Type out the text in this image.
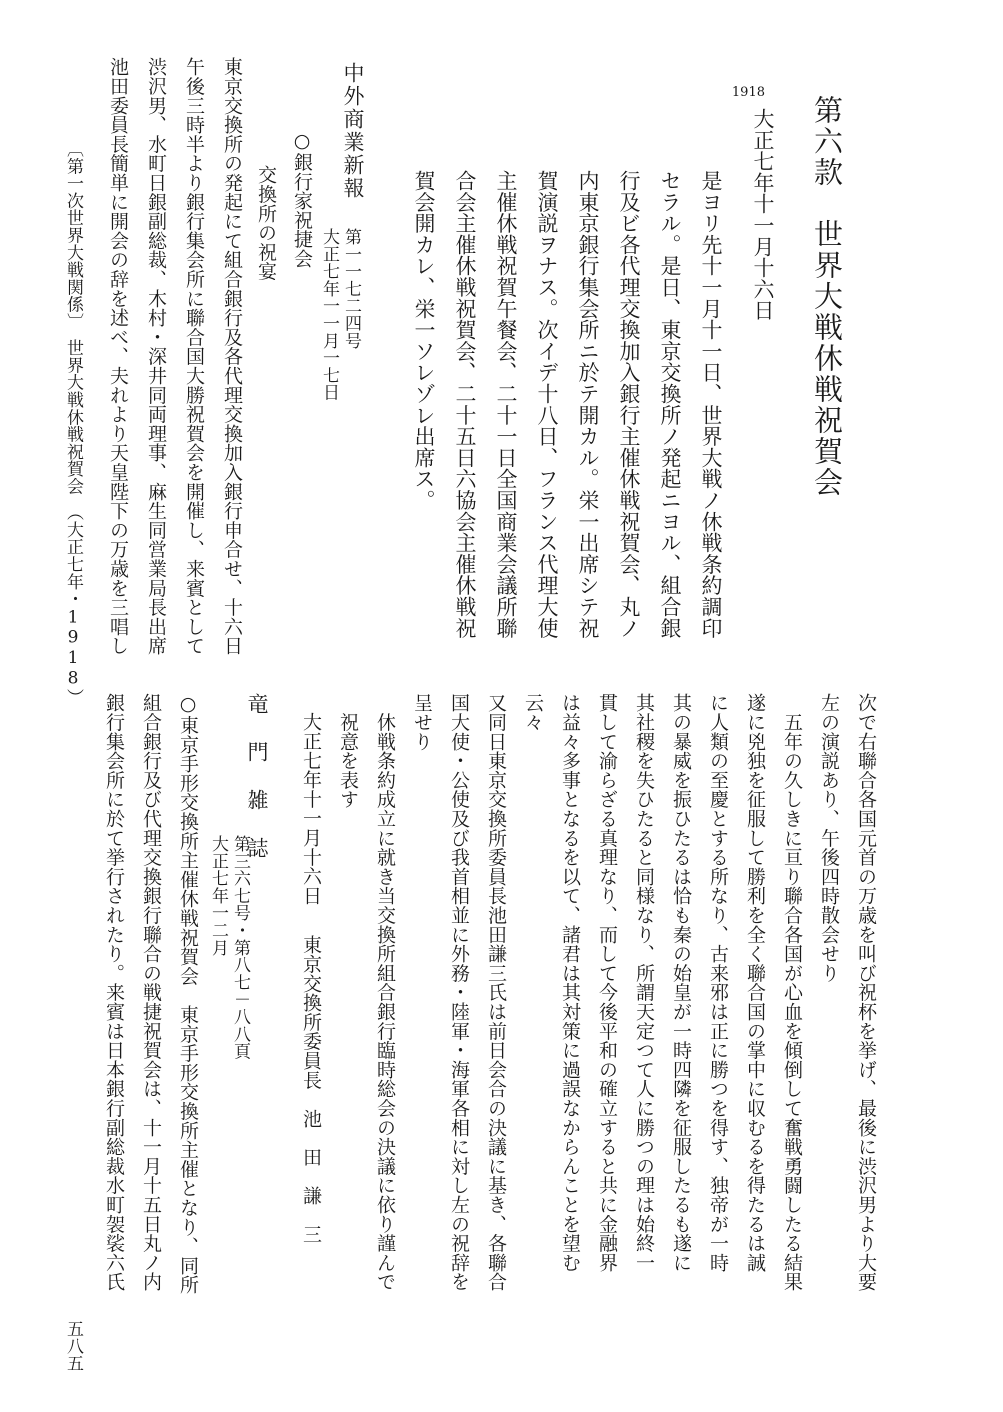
第六款　世界大戦休戦祝賀会
1918
大正七年十一月十六日
是ヨリ先十一月十一日、世界大戦ノ休戦条約調印
セラル。是日、東京交換所ノ発起ニヨル、組合銀
行及ビ各代理交換加入銀行主催休戦祝賀会、丸ノ
内東京銀行集会所ニ於テ開カル。栄一出席シテ祝
賀演説ヲナス。次イデ十八日、フランス代理大使
主催休戦祝賀午餐会、二十一日全国商業会議所聯
合会主催休戦祝賀会、二十五日六協会主催休戦祝
賀会開カレ、栄一ソレゾレ出席ス。
中外商業新報
第一一七二四号
大正七年一一月一七日
○銀行家祝捷会
交換所の祝宴
東京交換所の発起にて組合銀行及各代理交換加入銀行申合せ、十六日
午後三時半より銀行集会所に聯合国大勝祝賀会を開催し、来賓として
渋沢男、水町日銀副総裁、木村・深井同両理事、麻生同営業局長出席
池田委員長簡単に開会の辞を述べ、夫れより天皇陛下の万歳を三唱し
〔第一次世界大戦関係〕　世界大戦休戦祝賀会　（大正七年・1918）
次で右聯合各国元首の万歳を叫び祝杯を挙げ、最後に渋沢男より大要
左の演説あり、午後四時散会せり
　五年の久しきに亘り聯合各国が心血を傾倒して奮戦勇闘したる結果
遂に兇独を征服して勝利を全く聯合国の掌中に収むるを得たるは誠
に人類の至慶とする所なり、古来邪は正に勝つを得す、独帝が一時
其の暴威を振ひたるは恰も秦の始皇が一時四隣を征服したるも遂に
其社稷を失ひたると同様なり、所謂天定つて人に勝つの理は始終一
貫して渝らざる真理なり、而して今後平和の確立すると共に金融界
は益々多事となるを以て、諸君は其対策に過誤なからんことを望む
云々
又同日東京交換所委員長池田謙三氏は前日会合の決議に基き、各聯合
国大使・公使及び我首相並に外務・陸軍・海軍各相に対し左の祝辞を
呈せり
　休戦条約成立に就き当交換所組合銀行臨時総会の決議に依り謹んで
　祝意を表す
大正七年十一月十六日
東京交換所委員長　池　田　謙　三
竜　門　雑　誌
第三六七号・第八七－八八頁
大正七年一二月
○東京手形交換所主催休戦祝賀会　東京手形交換所主催となり、同所
組合銀行及び代理交換銀行聯合の戦捷祝賀会は、十一月十五日丸ノ内
銀行集会所に於て挙行されたり。来賓は日本銀行副総裁水町袈裟六氏
五八五
